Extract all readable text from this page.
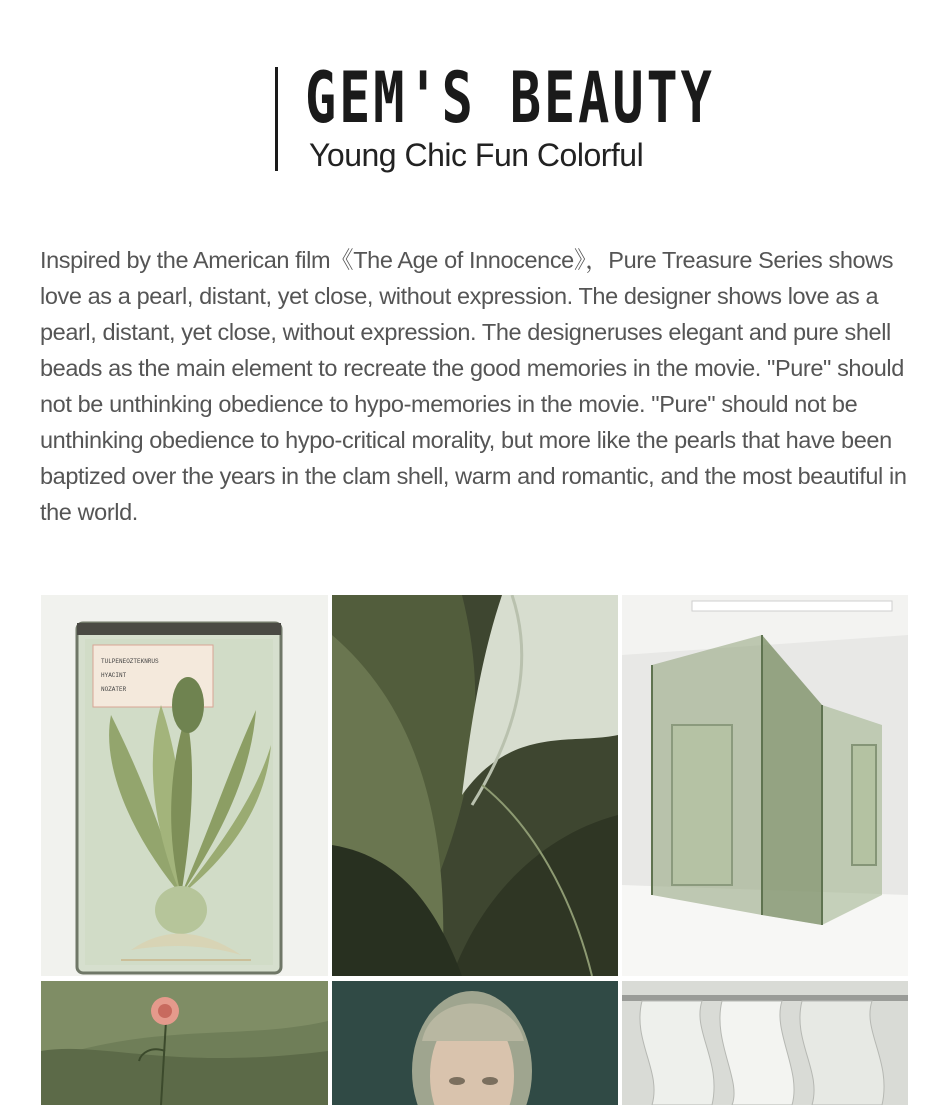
GEM'S BEAUTY
Young Chic Fun Colorful

Inspired by the American film《The Age of Innocence》，Pure Treasure Series shows love as a pearl, distant, yet close, without expression. The designer shows love as a pearl, distant, yet close, without expression. The designeruses elegant and pure shell beads as the main element to recreate the good memories in the movie. "Pure" should not be unthinking obedience to hypo-memories in the movie. "Pure" should not be unthinking obedience to hypo-critical morality, but more like the pearls that have been baptized over the years in the clam shell, warm and romantic, and the most beautiful in the world.

TULPENEOZTEKNRUS
HYACINT
NOZATER
